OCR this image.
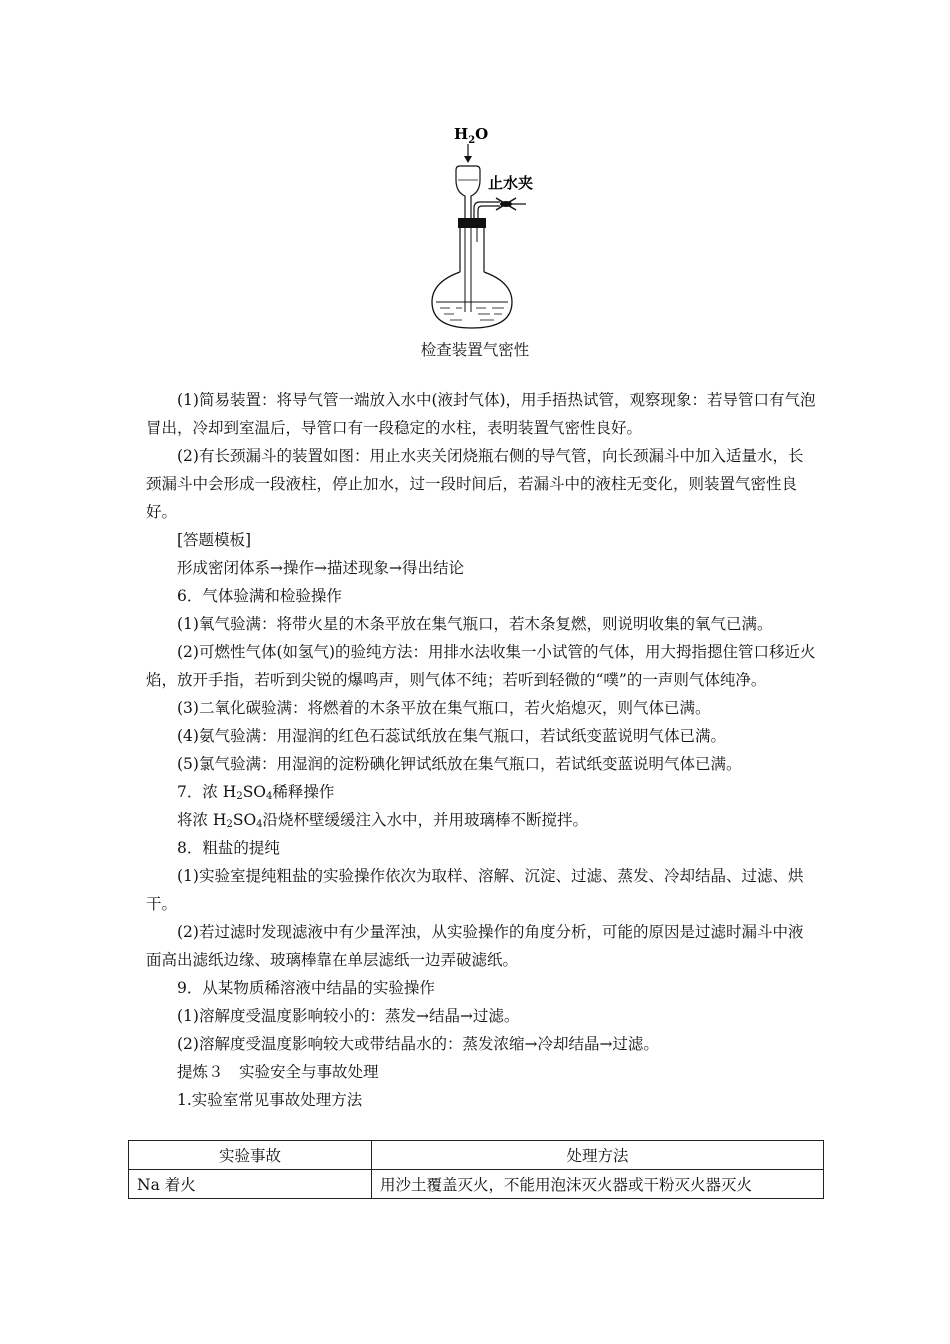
$H_2O$
止水夹
检查装置气密性

(1)简易装置：将导气管一端放入水中(液封气体)，用手捂热试管，观察现象：若导管口有气泡冒出，冷却到室温后，导管口有一段稳定的水柱，表明装置气密性良好。

(2)有长颈漏斗的装置如图：用止水夹关闭烧瓶右侧的导气管，向长颈漏斗中加入适量水，长颈漏斗中会形成一段液柱，停止加水，过一段时间后，若漏斗中的液柱无变化，则装置气密性良好。

[答题模板]

形成密闭体系→操作→描述现象→得出结论

6．气体验满和检验操作

(1)氧气验满：将带火星的木条平放在集气瓶口，若木条复燃，则说明收集的氧气已满。

(2)可燃性气体(如氢气)的验纯方法：用排水法收集一小试管的气体，用大拇指摁住管口移近火焰，放开手指，若听到尖锐的爆鸣声，则气体不纯；若听到轻微的“噗”的一声则气体纯净。

(3)二氧化碳验满：将燃着的木条平放在集气瓶口，若火焰熄灭，则气体已满。

(4)氨气验满：用湿润的红色石蕊试纸放在集气瓶口，若试纸变蓝说明气体已满。

(5)氯气验满：用湿润的淀粉碘化钾试纸放在集气瓶口，若试纸变蓝说明气体已满。

7．浓 $H_2SO_4$稀释操作

将浓 $H_2SO_4$沿烧杯壁缓缓注入水中，并用玻璃棒不断搅拌。

8．粗盐的提纯

(1)实验室提纯粗盐的实验操作依次为取样、溶解、沉淀、过滤、蒸发、冷却结晶、过滤、烘干。

(2)若过滤时发现滤液中有少量浑浊，从实验操作的角度分析，可能的原因是过滤时漏斗中液面高出滤纸边缘、玻璃棒靠在单层滤纸一边弄破滤纸。

9．从某物质稀溶液中结晶的实验操作

(1)溶解度受温度影响较小的：蒸发→结晶→过滤。

(2)溶解度受温度影响较大或带结晶水的：蒸发浓缩→冷却结晶→过滤。

提炼３　实验安全与事故处理

1.实验室常见事故处理方法

实验事故	处理方法
Na 着火	用沙土覆盖灭火，不能用泡沫灭火器或干粉灭火器灭火
